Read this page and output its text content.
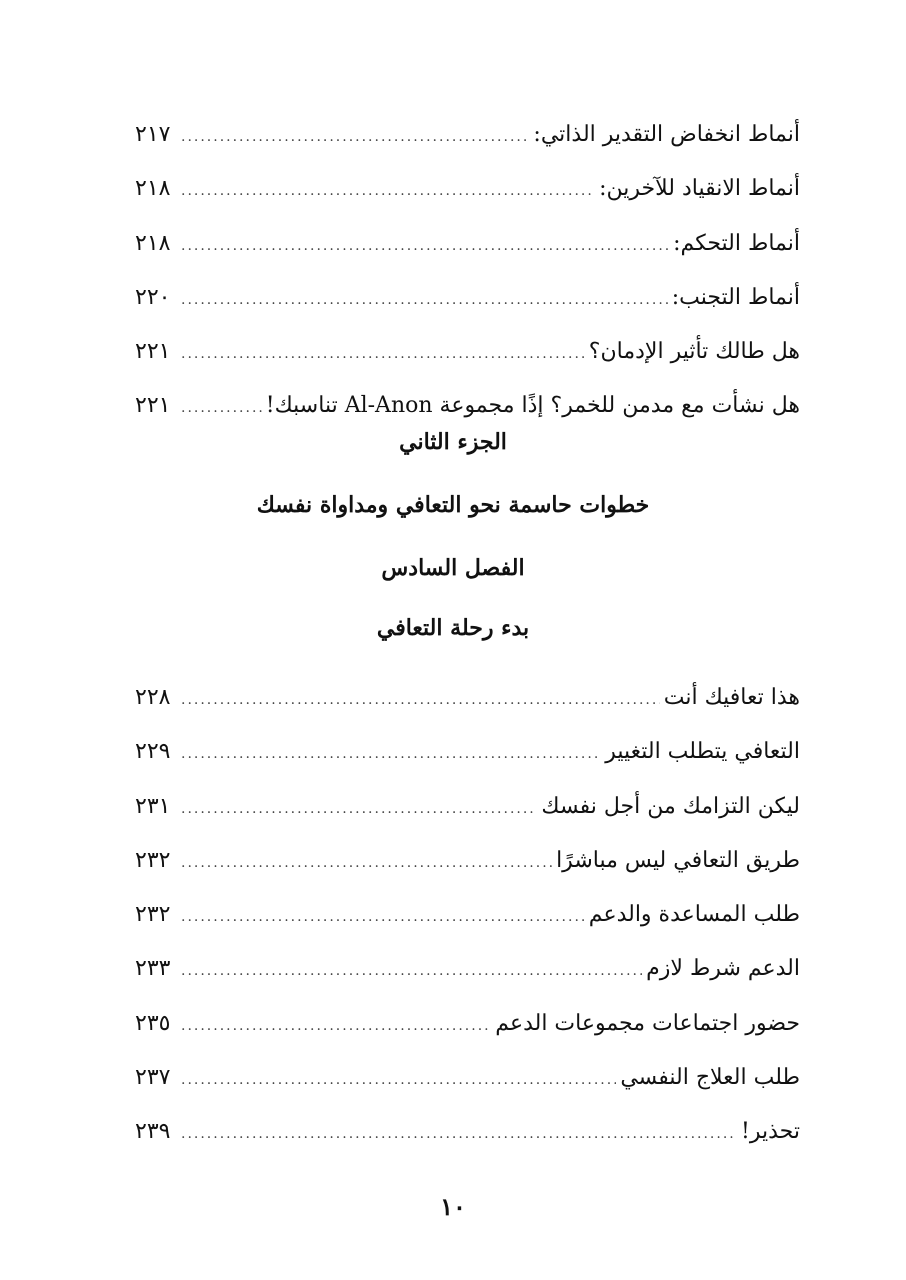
أنماط انخفاض التقدير الذاتي:
.....
٢١٧
أنماط الانقياد للآخرين:
.....
٢١٨
أنماط التحكم:
.....
٢١٨
أنماط التجنب:
.....
٢٢٠
هل طالك تأثير الإدمان؟
.....
٢٢١
هل نشأت مع مدمن للخمر؟ إذًا مجموعة Al-Anon تناسبك!
.....
٢٢١
الجزء الثاني
خطوات حاسمة نحو التعافي ومداواة نفسك
الفصل السادس
بدء رحلة التعافي
هذا تعافيك أنت
.....
٢٢٨
التعافي يتطلب التغيير
.....
٢٢٩
ليكن التزامك من أجل نفسك
.....
٢٣١
طريق التعافي ليس مباشرًا
.....
٢٣٢
طلب المساعدة والدعم
.....
٢٣٢
الدعم شرط لازم
.....
٢٣٣
حضور اجتماعات مجموعات الدعم
.....
٢٣٥
طلب العلاج النفسي
.....
٢٣٧
تحذير!
.....
٢٣٩
١٠
